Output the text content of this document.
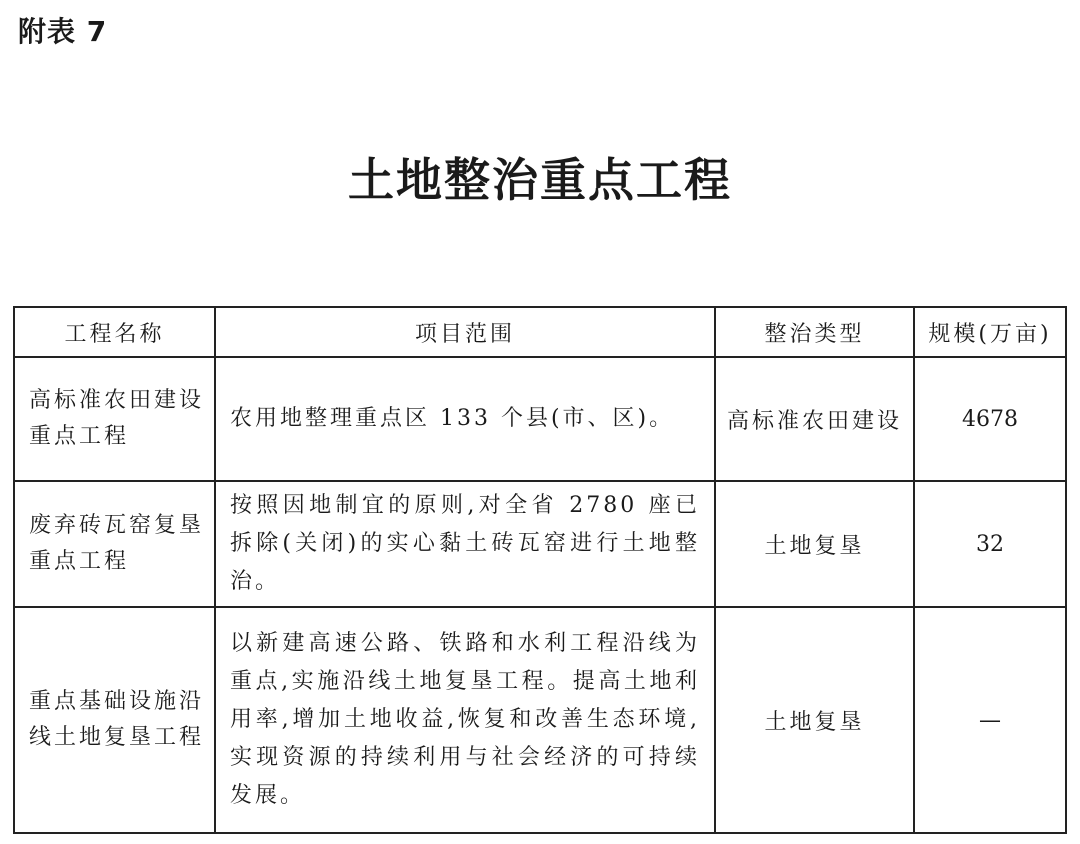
附表 7
土地整治重点工程
工程名称	项目范围	整治类型	规模(万亩)
高标准农田建设重点工程	农用地整理重点区 133 个县(市、区)。	高标准农田建设	4678
废弃砖瓦窑复垦重点工程	按照因地制宜的原则,对全省 2780 座已拆除(关闭)的实心黏土砖瓦窑进行土地整治。	土地复垦	32
重点基础设施沿线土地复垦工程	以新建高速公路、铁路和水利工程沿线为重点,实施沿线土地复垦工程。提高土地利用率,增加土地收益,恢复和改善生态环境,实现资源的持续利用与社会经济的可持续发展。	土地复垦	—
